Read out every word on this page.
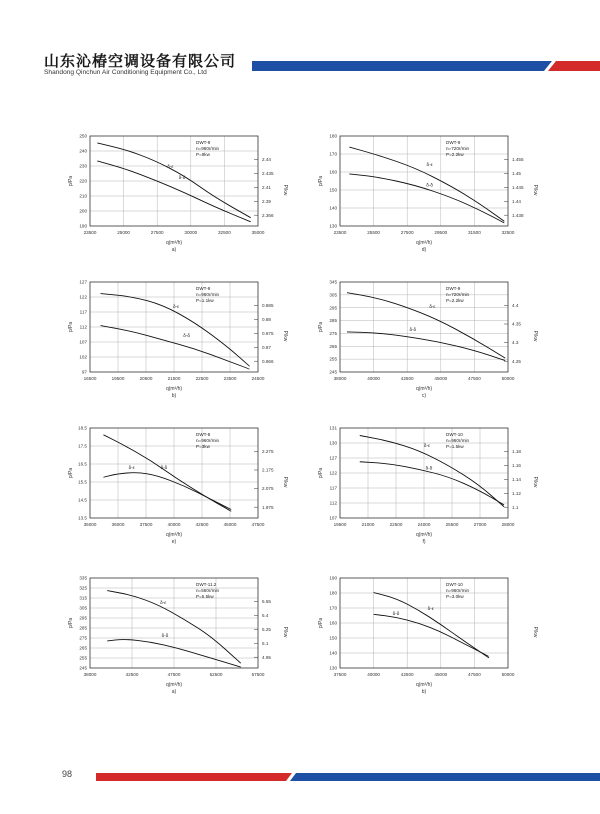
山东沁椿空调设备有限公司
Shandong Qinchun Air Conditioning Equipment Co., Ltd
23500	25000	27500	30000	32500	35000
190
200
210
220
230
240
250
2.366
2.39
2.41
2.435
2.44
p/Pa
P/kw
q(m³/h)
a)
DWT-9
n=960r/min
P=9kw
δ-ε
δ-δ
23500	25500	27500	29500	31500	32500
130
140
150
160
170
180
1.438
1.44
1.445
1.45
1.455
p/Pa
P/kw
q(m³/h)
d)
DWT-9
n=720r/min
P=2.2kw
δ-ε
δ-δ
16500	19500	20500	21500	22500	23500	24500
97
102
107
112
117
122
127
0.866
0.87
0.875
0.88
0.885
p/Pa
P/kw
q(m³/h)
b)
DWT-9
n=960r/min
P=1.1kw
δ-ε
δ-δ
38000	40000	42500	45000	47500	50000
245
255
265
275
285
295
305
345
4.25
4.3
4.35
4.4
p/Pa
P/kw
q(m³/h)
c)
DWT-9
n=720r/min
P=2.2kw
δ-ε
δ-δ
35000	36000	37500	40000	42500	45000	47500
13.5
14.5
15.5
16.5
17.5
18.5
1.975
2.075
2.175
2.275
p/Pa
P/kw
q(m³/h)
e)
DWT-8
n=960r/min
P=3kw
δ-ε	δ-δ
19500	21000	22500	24000	25500	27000	28000
107
112
117
122
127
130
131
1.1
1.12
1.14
1.16
1.18
p/Pa
P/kw
q(m³/h)
f)
DWT-10
n=960r/min
P=1.5kw
δ-ε
δ-δ
38000	42500	47500	52500	57500
245
255
265
275
285
295
305
315
325
335
4.95
5.1
5.25
5.4
5.55
p/Pa
P/kw
q(m³/h)
a)
DWT-11.2
n=560r/min
P=5.5kw
δ-ε
δ-δ
37500	40000	42500	45000	47500	50000
130
140
150
160
170
180
190
p/Pa
P/kw
q(m³/h)
b)
DWT-10
n=960r/min
P=3.0kw
δ-ε
δ-δ
98
